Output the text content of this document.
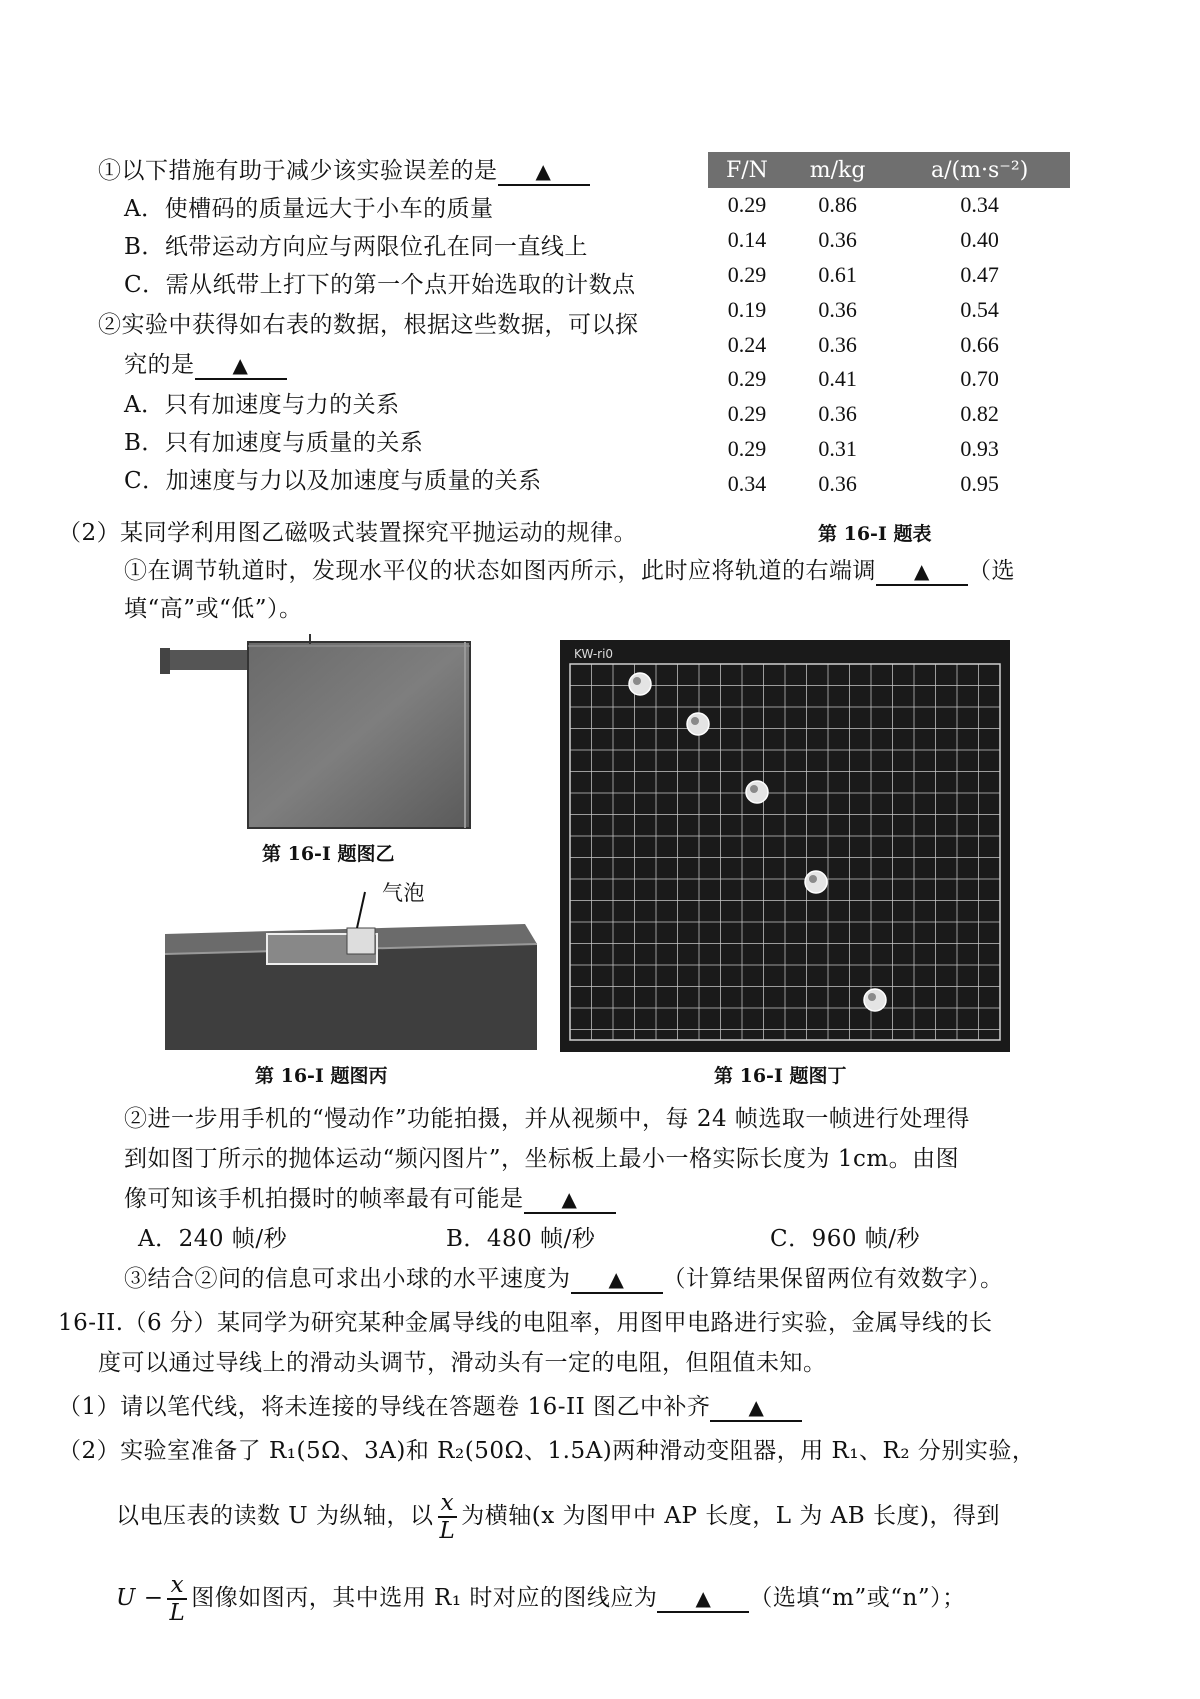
①以下措施有助于减少该实验误差的是 ▲
A．使槽码的质量远大于小车的质量
B．纸带运动方向应与两限位孔在同一直线上
C．需从纸带上打下的第一个点开始选取的计数点
②实验中获得如右表的数据，根据这些数据，可以探
究的是 ▲
A．只有加速度与力的关系
B．只有加速度与质量的关系
C．加速度与力以及加速度与质量的关系
F/N	m/kg	a/(m·s⁻²)
0.29	0.86	0.34
0.14	0.36	0.40
0.29	0.61	0.47
0.19	0.36	0.54
0.24	0.36	0.66
0.29	0.41	0.70
0.29	0.36	0.82
0.29	0.31	0.93
0.34	0.36	0.95
第 16-I 题表
（2）某同学利用图乙磁吸式装置探究平抛运动的规律。
①在调节轨道时，发现水平仪的状态如图丙所示，此时应将轨道的右端调 ▲ （选
填“高”或“低”）。
第 16-I 题图乙
气泡
第 16-I 题图丙
KW-ri0
第 16-I 题图丁
②进一步用手机的“慢动作”功能拍摄，并从视频中，每 24 帧选取一帧进行处理得
到如图丁所示的抛体运动“频闪图片”，坐标板上最小一格实际长度为 1cm。由图
像可知该手机拍摄时的帧率最有可能是 ▲
A．240 帧/秒	B．480 帧/秒	C．960 帧/秒
③结合②问的信息可求出小球的水平速度为 ▲ （计算结果保留两位有效数字）。
16-II.（6 分）某同学为研究某种金属导线的电阻率，用图甲电路进行实验，金属导线的长
度可以通过导线上的滑动头调节，滑动头有一定的电阻，但阻值未知。
（1）请以笔代线，将未连接的导线在答题卷 16-II 图乙中补齐 ▲
（2）实验室准备了 R₁(5Ω、3A)和 R₂(50Ω、1.5A)两种滑动变阻器，用 R₁、R₂ 分别实验，
以电压表的读数 U 为纵轴，以 $\frac{x}{L}$ 为横轴(x 为图甲中 AP 长度，L 为 AB 长度)，得到
$U - \frac{x}{L}$ 图像如图丙，其中选用 R₁ 时对应的图线应为 ▲ （选填“m”或“n”）；
